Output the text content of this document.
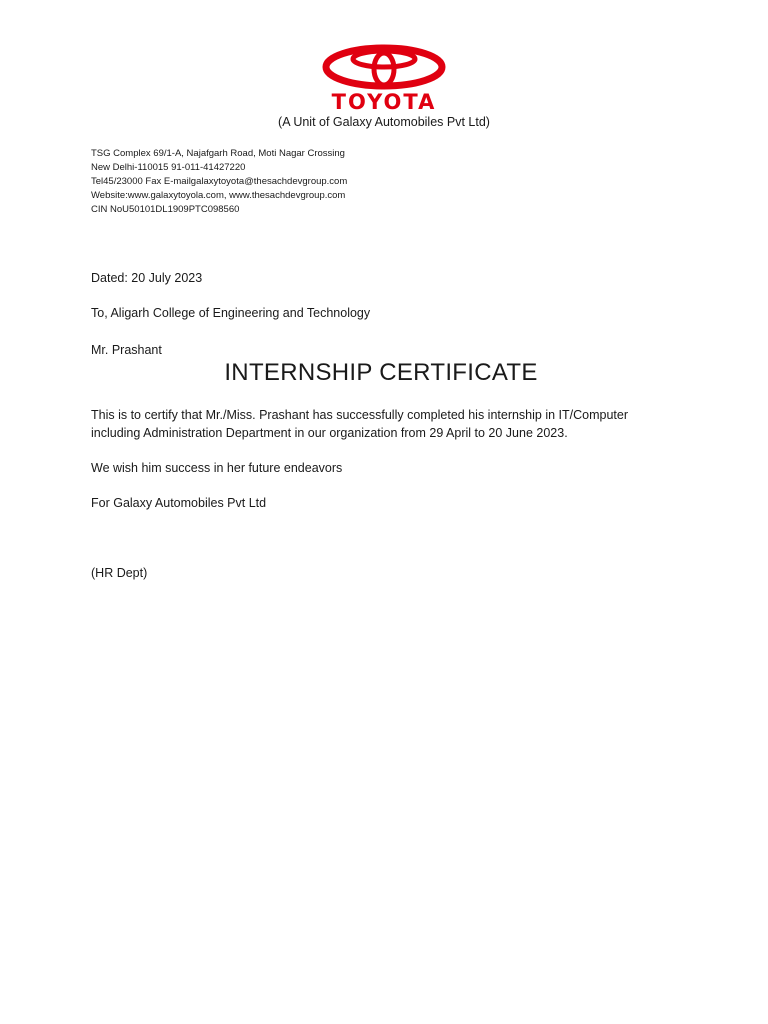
TOYOTA
(A Unit of Galaxy Automobiles Pvt Ltd)
TSG Complex 69/1-A, Najafgarh Road, Moti Nagar Crossing
New Delhi-110015 91-011-41427220
Tel45/23000 Fax E-mailgalaxytoyota@thesachdevgroup.com
Website:www.galaxytoyola.com, www.thesachdevgroup.com
CIN NoU50101DL1909PTC098560
Dated: 20 July 2023
To, Aligarh College of Engineering and Technology
Mr. Prashant
INTERNSHIP CERTIFICATE
This is to certify that Mr./Miss. Prashant has successfully completed his internship in IT/Computer
including Administration Department in our organization from 29 April to 20 June 2023.
We wish him success in her future endeavors
For Galaxy Automobiles Pvt Ltd
(HR Dept)
